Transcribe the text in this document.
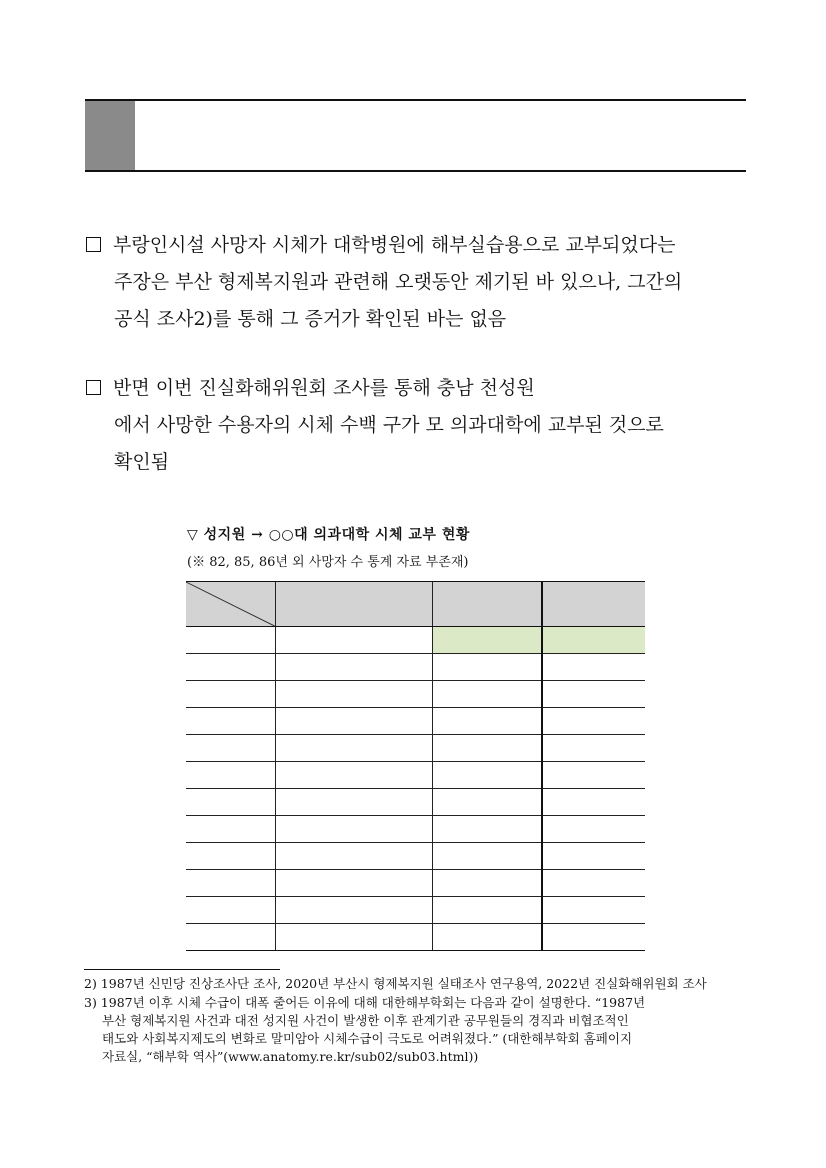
부랑인시설 사망자 시체가 대학병원에 해부실습용으로 교부되었다는
주장은 부산 형제복지원과 관련해 오랫동안 제기된 바 있으나, 그간의
공식 조사2)를 통해 그 증거가 확인된 바는 없음
반면 이번 진실화해위원회 조사를 통해 충남 천성원
에서 사망한 수용자의 시체 수백 구가 모 의과대학에 교부된 것으로
확인됨
▽ 성지원 → ○○대 의과대학 시체 교부 현황
(※ 82, 85, 86년 외 사망자 수 통계 자료 부존재)

2) 1987년 신민당 진상조사단 조사, 2020년 부산시 형제복지원 실태조사 연구용역, 2022년 진실화해위원회 조사
3) 1987년 이후 시체 수급이 대폭 줄어든 이유에 대해 대한해부학회는 다음과 같이 설명한다. “1987년
부산 형제복지원 사건과 대전 성지원 사건이 발생한 이후 관계기관 공무원들의 경직과 비협조적인
태도와 사회복지제도의 변화로 말미암아 시체수급이 극도로 어려워졌다.” (대한해부학회 홈페이지
자료실, “해부학 역사”(www.anatomy.re.kr/sub02/sub03.html))
